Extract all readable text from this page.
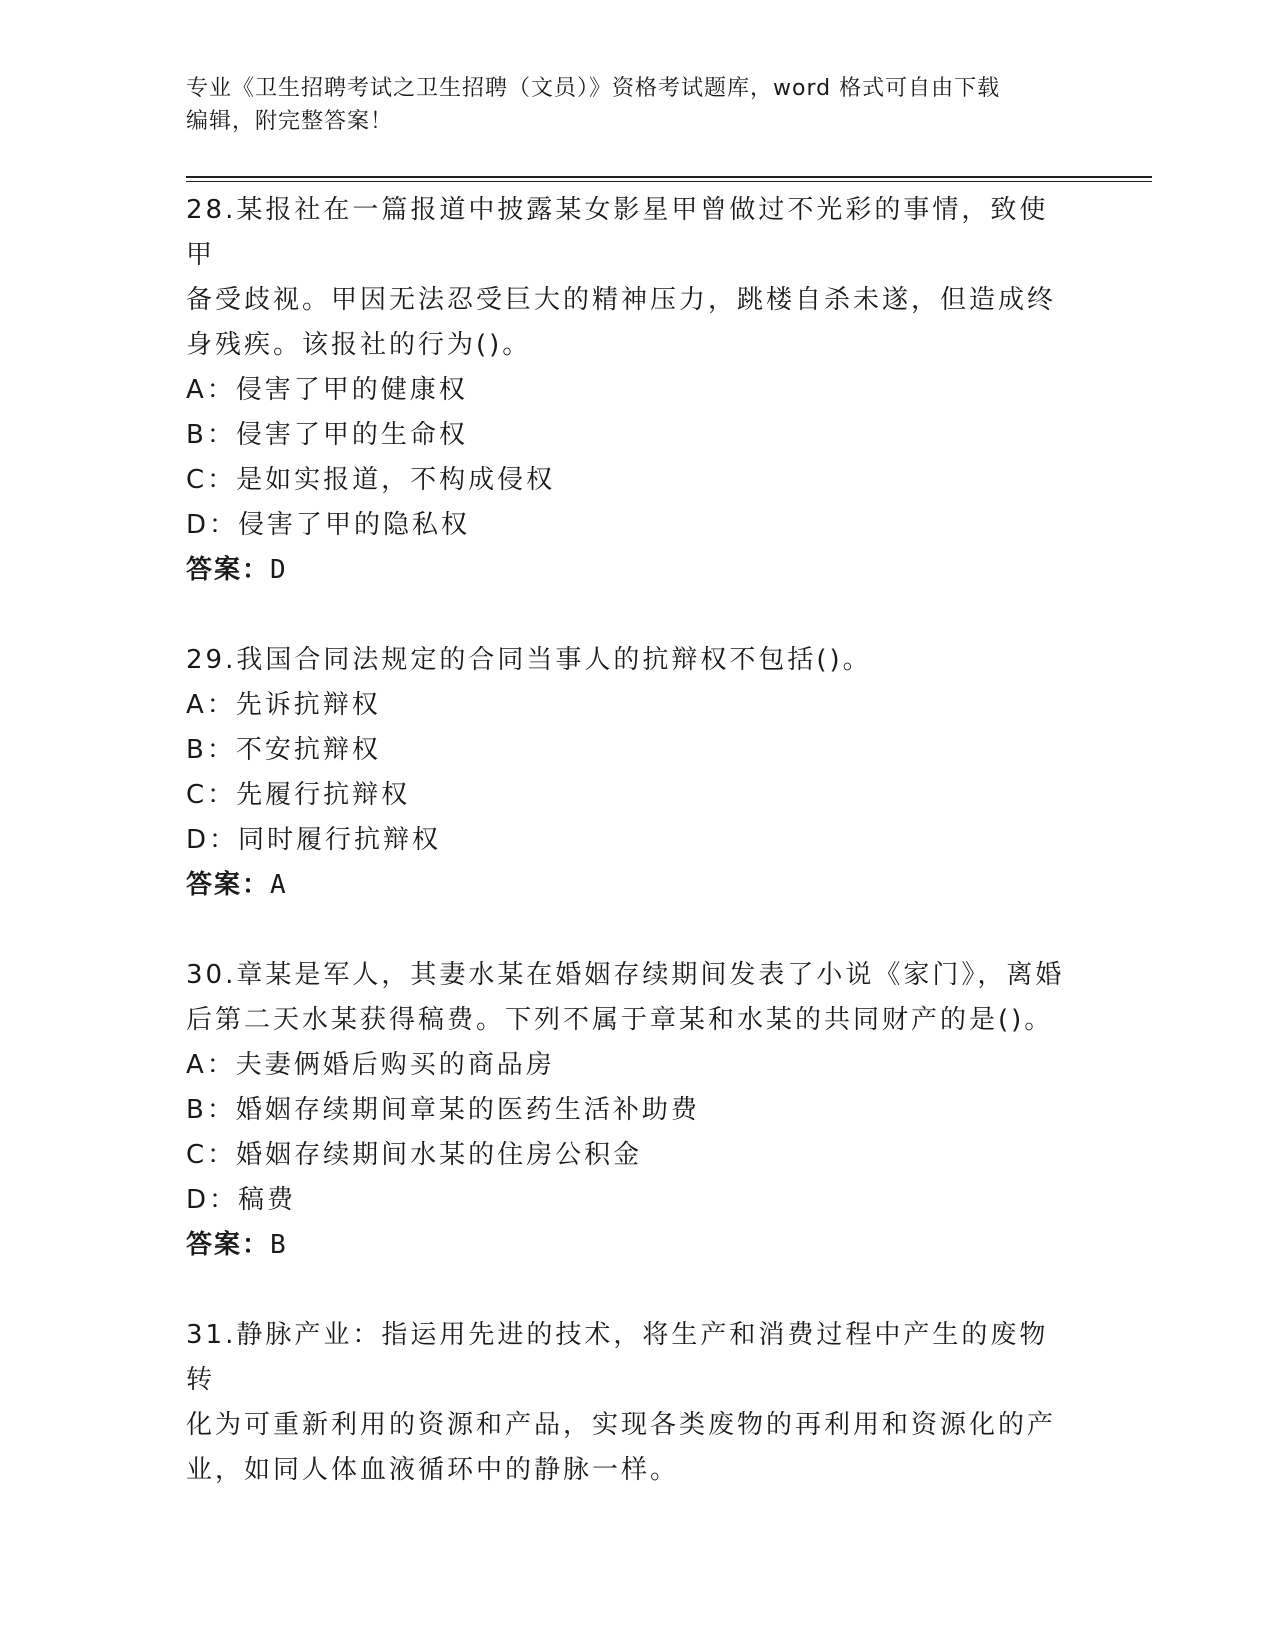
专业《卫生招聘考试之卫生招聘（文员）》资格考试题库，word 格式可自由下载
编辑，附完整答案！

28.某报社在一篇报道中披露某女影星甲曾做过不光彩的事情，致使甲

备受歧视。甲因无法忍受巨大的精神压力，跳楼自杀未遂，但造成终

身残疾。该报社的行为()。

A：侵害了甲的健康权

B：侵害了甲的生命权

C：是如实报道，不构成侵权

D：侵害了甲的隐私权

答案：D

29.我国合同法规定的合同当事人的抗辩权不包括()。

A：先诉抗辩权

B：不安抗辩权

C：先履行抗辩权

D：同时履行抗辩权

答案：A

30.章某是军人，其妻水某在婚姻存续期间发表了小说《家门》，离婚

后第二天水某获得稿费。下列不属于章某和水某的共同财产的是()。

A：夫妻俩婚后购买的商品房

B：婚姻存续期间章某的医药生活补助费

C：婚姻存续期间水某的住房公积金

D：稿费

答案：B

31.静脉产业：指运用先进的技术，将生产和消费过程中产生的废物转

化为可重新利用的资源和产品，实现各类废物的再利用和资源化的产

业，如同人体血液循环中的静脉一样。
